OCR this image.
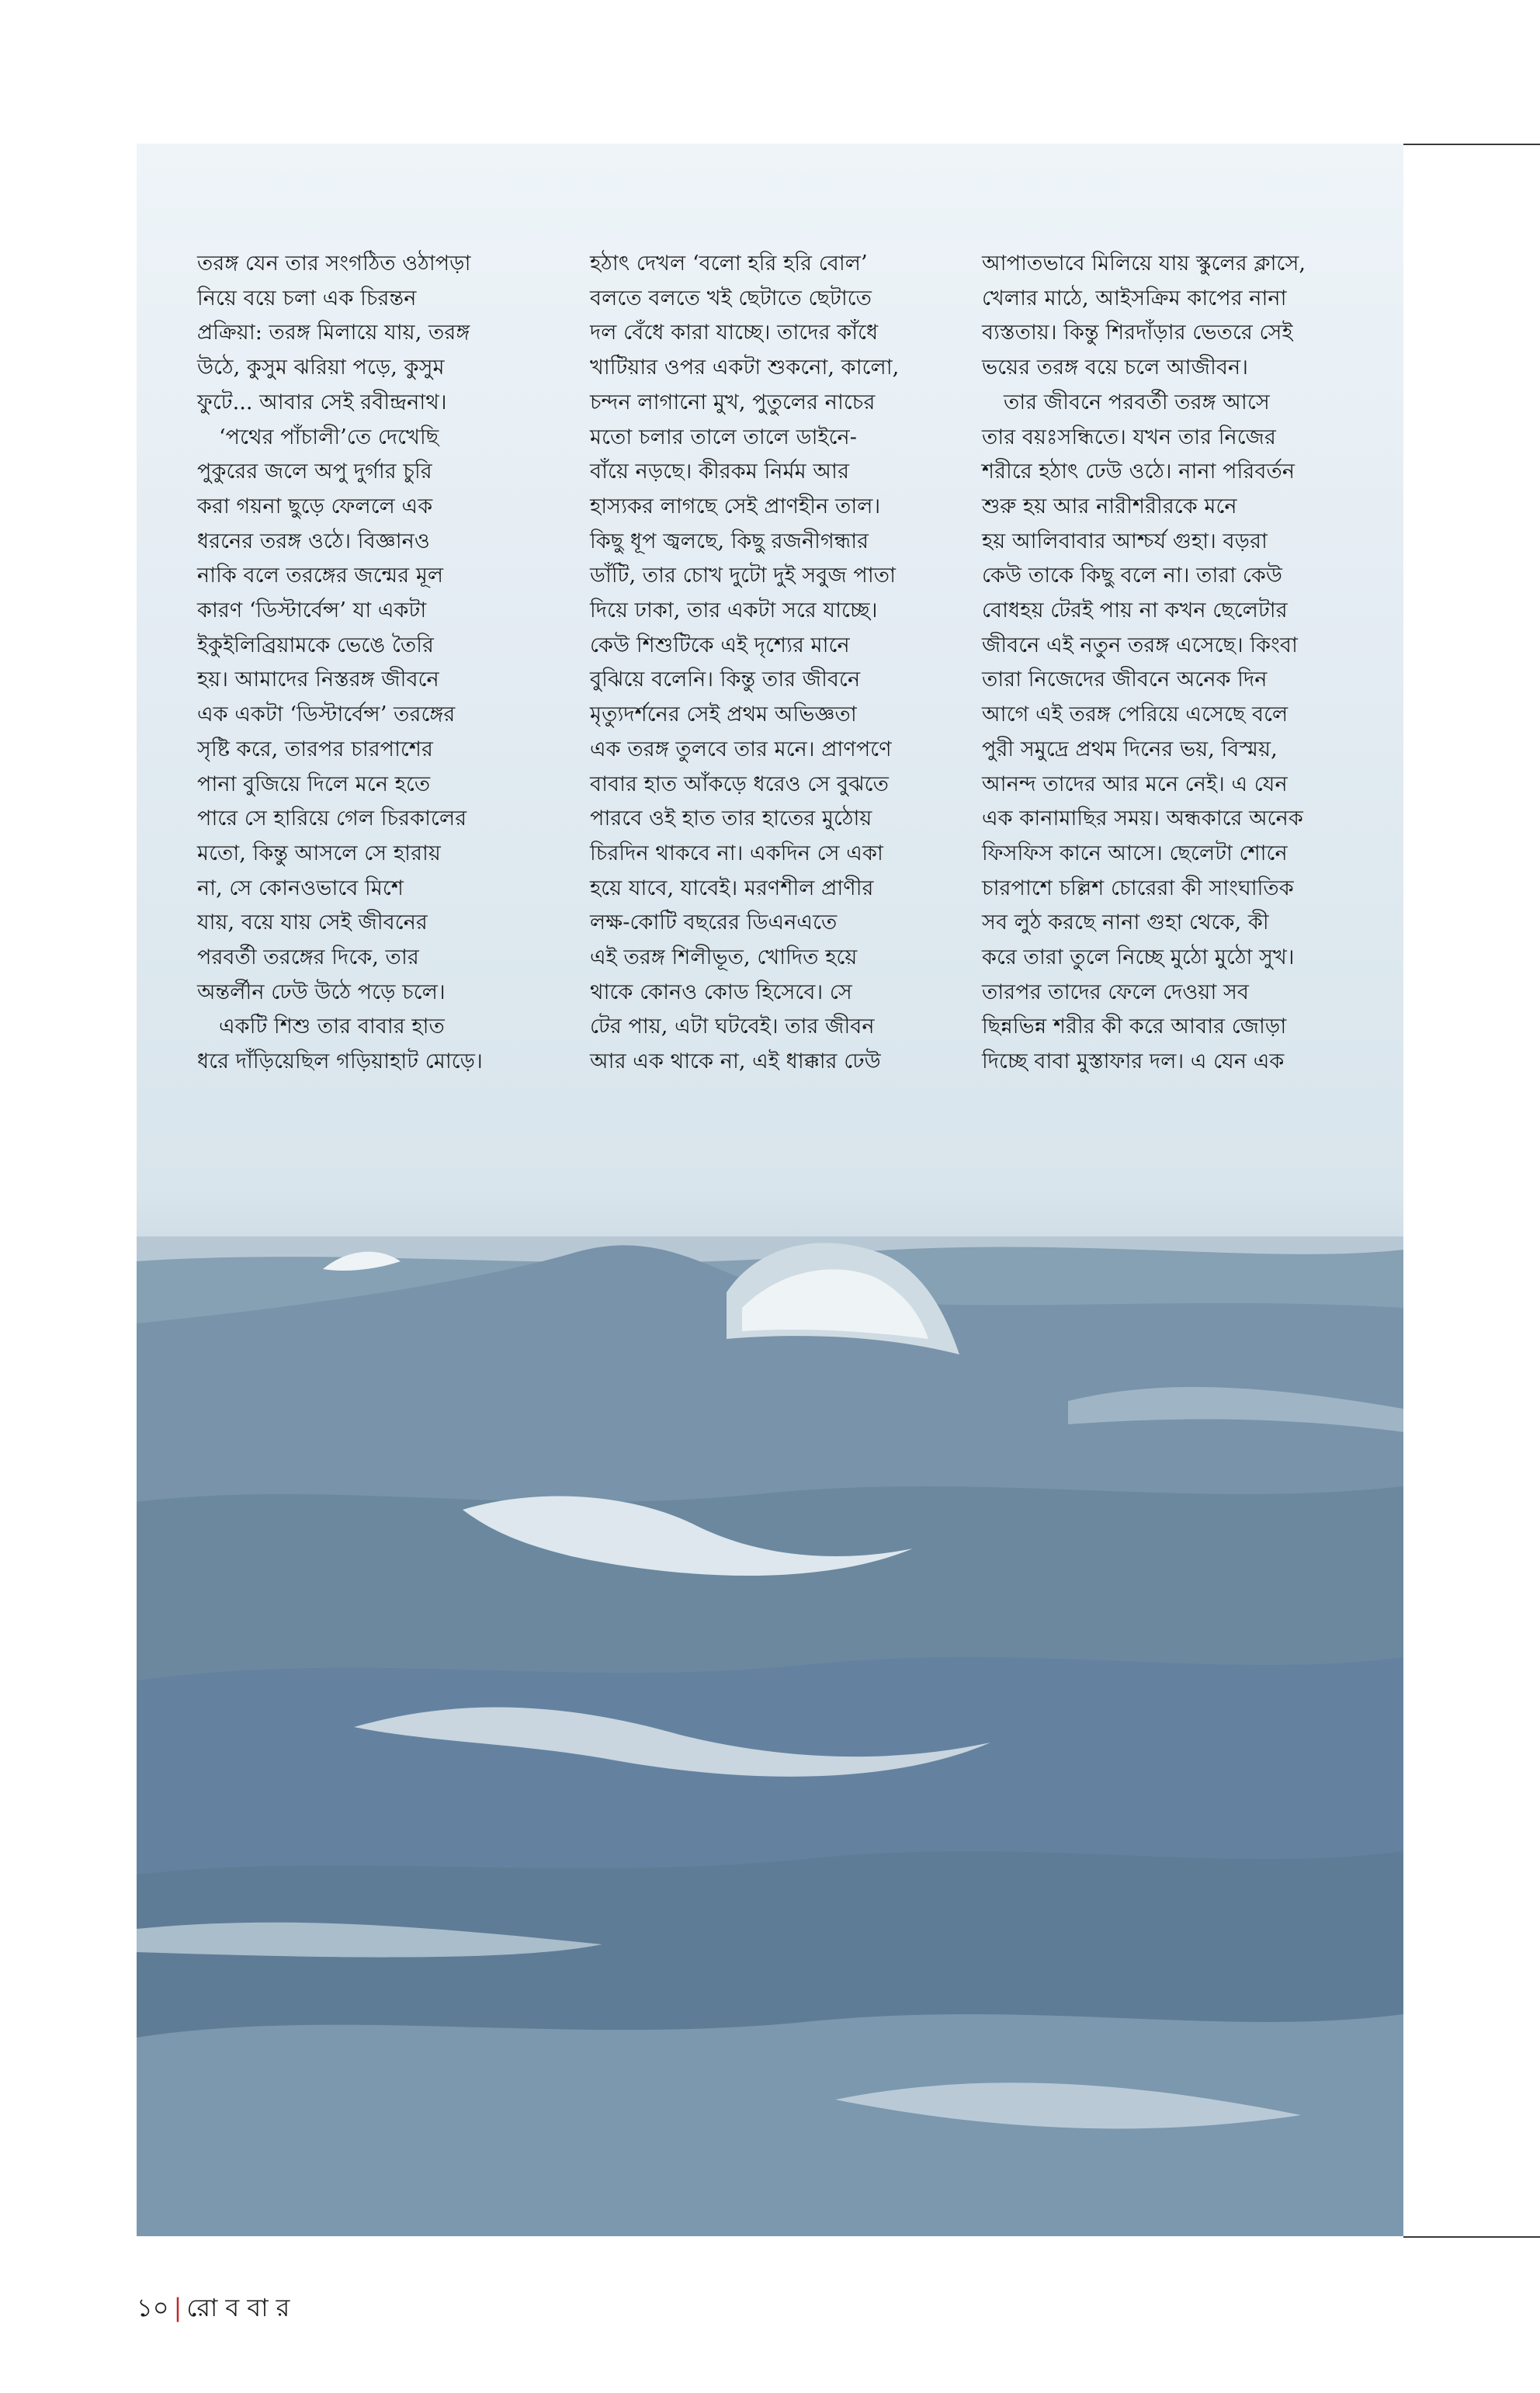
তরঙ্গ যেন তার সংগঠিত ওঠাপড়া
নিয়ে বয়ে চলা এক চিরন্তন
প্রক্রিয়া: তরঙ্গ মিলায়ে যায়, তরঙ্গ
উঠে, কুসুম ঝরিয়া পড়ে, কুসুম
ফুটে... আবার সেই রবীন্দ্রনাথ।

‘পথের পাঁচালী’তে দেখেছি
পুকুরের জলে অপু দুর্গার চুরি
করা গয়না ছুড়ে ফেললে এক
ধরনের তরঙ্গ ওঠে। বিজ্ঞানও
নাকি বলে তরঙ্গের জন্মের মূল
কারণ ‘ডিস্টার্বেন্স’ যা একটা
ইকুইলিব্রিয়ামকে ভেঙে তৈরি
হয়। আমাদের নিস্তরঙ্গ জীবনে
এক একটা ‘ডিস্টার্বেন্স’ তরঙ্গের
সৃষ্টি করে, তারপর চারপাশের
পানা বুজিয়ে দিলে মনে হতে
পারে সে হারিয়ে গেল চিরকালের
মতো, কিন্তু আসলে সে হারায়
না, সে কোনওভাবে মিশে
যায়, বয়ে যায় সেই জীবনের
পরবর্তী তরঙ্গের দিকে, তার
অন্তর্লীন ঢেউ উঠে পড়ে চলে।

একটি শিশু তার বাবার হাত
ধরে দাঁড়িয়েছিল গড়িয়াহাট মোড়ে।

হঠাৎ দেখল ‘বলো হরি হরি বোল’
বলতে বলতে খই ছেটাতে ছেটাতে
দল বেঁধে কারা যাচ্ছে। তাদের কাঁধে
খাটিয়ার ওপর একটা শুকনো, কালো,
চন্দন লাগানো মুখ, পুতুলের নাচের
মতো চলার তালে তালে ডাইনে-
বাঁয়ে নড়ছে। কীরকম নির্মম আর
হাস্যকর লাগছে সেই প্রাণহীন তাল।
কিছু ধূপ জ্বলছে, কিছু রজনীগন্ধার
ডাঁটি, তার চোখ দুটো দুই সবুজ পাতা
দিয়ে ঢাকা, তার একটা সরে যাচ্ছে।
কেউ শিশুটিকে এই দৃশ্যের মানে
বুঝিয়ে বলেনি। কিন্তু তার জীবনে
মৃত্যুদর্শনের সেই প্রথম অভিজ্ঞতা
এক তরঙ্গ তুলবে তার মনে। প্রাণপণে
বাবার হাত আঁকড়ে ধরেও সে বুঝতে
পারবে ওই হাত তার হাতের মুঠোয়
চিরদিন থাকবে না। একদিন সে একা
হয়ে যাবে, যাবেই। মরণশীল প্রাণীর
লক্ষ-কোটি বছরের ডিএনএতে
এই তরঙ্গ শিলীভূত, খোদিত হয়ে
থাকে কোনও কোড হিসেবে। সে
টের পায়, এটা ঘটবেই। তার জীবন
আর এক থাকে না, এই ধাক্কার ঢেউ

আপাতভাবে মিলিয়ে যায় স্কুলের ক্লাসে,
খেলার মাঠে, আইসক্রিম কাপের নানা
ব্যস্ততায়। কিন্তু শিরদাঁড়ার ভেতরে সেই
ভয়ের তরঙ্গ বয়ে চলে আজীবন।

তার জীবনে পরবর্তী তরঙ্গ আসে
তার বয়ঃসন্ধিতে। যখন তার নিজের
শরীরে হঠাৎ ঢেউ ওঠে। নানা পরিবর্তন
শুরু হয় আর নারীশরীরকে মনে
হয় আলিবাবার আশ্চর্য গুহা। বড়রা
কেউ তাকে কিছু বলে না। তারা কেউ
বোধহয় টেরই পায় না কখন ছেলেটার
জীবনে এই নতুন তরঙ্গ এসেছে। কিংবা
তারা নিজেদের জীবনে অনেক দিন
আগে এই তরঙ্গ পেরিয়ে এসেছে বলে
পুরী সমুদ্রে প্রথম দিনের ভয়, বিস্ময়,
আনন্দ তাদের আর মনে নেই। এ যেন
এক কানামাছির সময়। অন্ধকারে অনেক
ফিসফিস কানে আসে। ছেলেটা শোনে
চারপাশে চল্লিশ চোরেরা কী সাংঘাতিক
সব লুঠ করছে নানা গুহা থেকে, কী
করে তারা তুলে নিচ্ছে মুঠো মুঠো সুখ।
তারপর তাদের ফেলে দেওয়া সব
ছিন্নভিন্ন শরীর কী করে আবার জোড়া
দিচ্ছে বাবা মুস্তাফার দল। এ যেন এক

১০ | রো ব বা র
